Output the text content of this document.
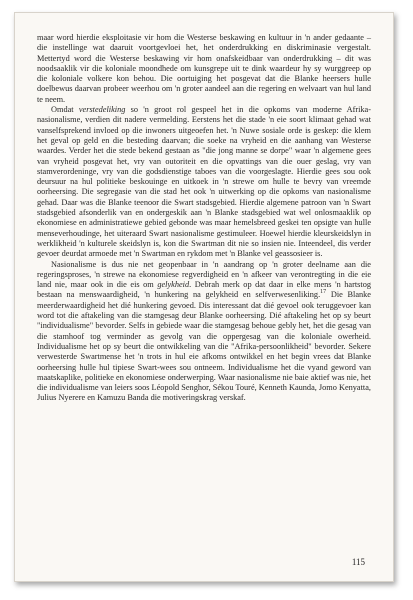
maar word hierdie eksploitasie vir hom die Westerse beskawing en kultuur in 'n ander gedaante – die instellinge wat daaruit voortgevloei het, het onderdrukking en diskriminasie vergestalt. Mettertyd word die Westerse beskawing vir hom onafskeidbaar van onderdrukking – dit was noodsaaklik vir die koloniale moondhede om kunsgrepe uit te dink waardeur hy sy wurggreep op die koloniale volkere kon behou. Die oortuiging het posgevat dat die Blanke heersers hulle doelbewus daarvan probeer weerhou om 'n groter aandeel aan die regering en welvaart van hul land te neem.

Omdat verstedeliking so 'n groot rol gespeel het in die opkoms van moderne Afrika-nasionalisme, verdien dit nadere vermelding. Eerstens het die stade 'n eie soort klimaat gehad wat vanselfsprekend invloed op die inwoners uitgeoefen het. 'n Nuwe sosiale orde is geskep: die klem het geval op geld en die besteding daarvan; die soeke na vryheid en die aanhang van Westerse waardes. Verder het die stede bekend gestaan as "die jong manne se dorpe" waar 'n algemene gees van vryheid posgevat het, vry van outoriteit en die opvattings van die ouer geslag, vry van stamverordeninge, vry van die godsdienstige taboes van die voorgeslagte. Hierdie gees sou ook deursuur na hul politieke beskouinge en uitkoek in 'n strewe om hulle te bevry van vreemde oorheersing. Die segregasie van die stad het ook 'n uitwerking op die opkoms van nasionalisme gehad. Daar was die Blanke teenoor die Swart stadsgebied. Hierdie algemene patroon van 'n Swart stadsgebied afsonderlik van en ondergeskik aan 'n Blanke stadsgebied wat wel onlosmaaklik op ekonomiese en administratiewe gebied gebonde was maar hemelsbreed geskei ten opsigte van hulle menseverhoudinge, het uiteraard Swart nasionalisme gestimuleer. Hoewel hierdie kleurskeidslyn in werklikheid 'n kulturele skeidslyn is, kon die Swartman dit nie so insien nie. Inteendeel, dis verder gevoer deurdat armoede met 'n Swartman en rykdom met 'n Blanke vel geassosieer is.

Nasionalisme is dus nie net geopenbaar in 'n aandrang op 'n groter deelname aan die regeringsproses, 'n strewe na ekonomiese regverdigheid en 'n afkeer van verontregting in die eie land nie, maar ook in die eis om gelykheid. Debrah merk op dat daar in elke mens 'n hartstog bestaan na menswaardigheid, 'n hunkering na gelykheid en selfverwesenliking.$^{17}$ Die Blanke meerderwaardigheid het dié hunkering gevoed. Dis interessant dat dié gevoel ook teruggevoer kan word tot die aftakeling van die stamgesag deur Blanke oorheersing. Dié aftakeling het op sy beurt "individualisme" bevorder. Selfs in gebiede waar die stamgesag behoue gebly het, het die gesag van die stamhoof tog verminder as gevolg van die oppergesag van die koloniale owerheid. Individualisme het op sy beurt die ontwikkeling van die "Afrika-persoonlikheid" bevorder. Sekere verwesterde Swartmense het 'n trots in hul eie afkoms ontwikkel en het begin vrees dat Blanke oorheersing hulle hul tipiese Swart-wees sou ontneem. Individualisme het die vyand geword van maatskaplike, politieke en ekonomiese onderwerping. Waar nasionalisme nie baie aktief was nie, het die individualisme van leiers soos Léopold Senghor, Sékou Touré, Kenneth Kaunda, Jomo Kenyatta, Julius Nyerere en Kamuzu Banda die motiveringskrag verskaf.

115
